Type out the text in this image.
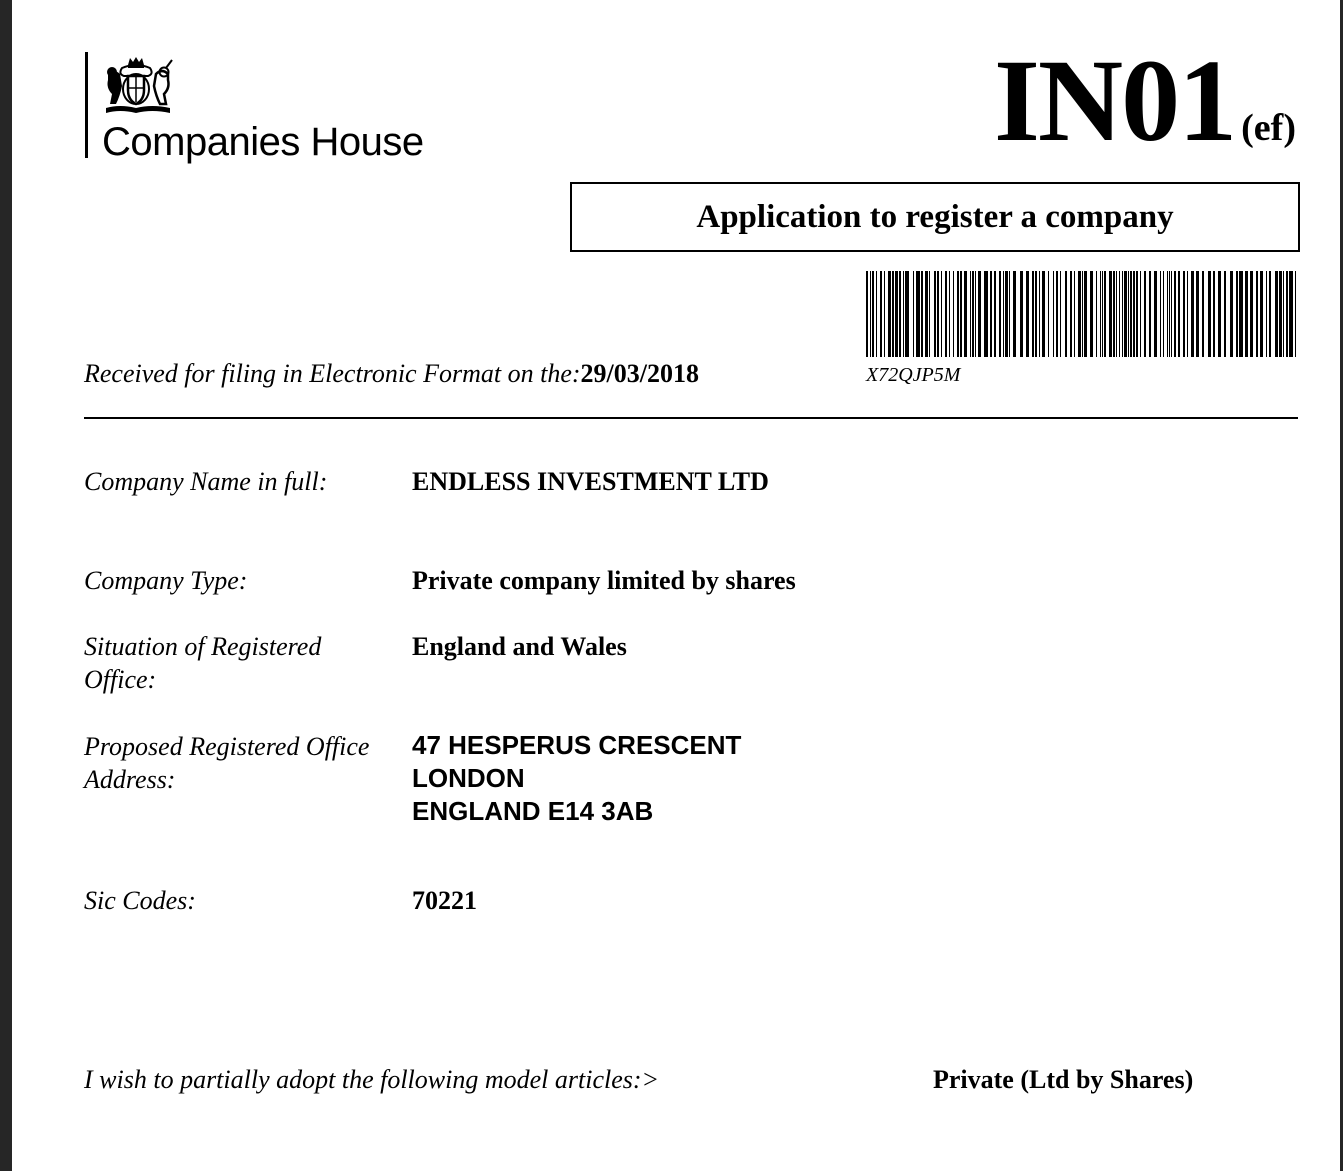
Companies House	IN01 (ef)
Application to register a company
X72QJP5M
Received for filing in Electronic Format on the:29/03/2018
Company Name in full:	ENDLESS INVESTMENT LTD
Company Type:	Private company limited by shares
Situation of Registered Office:
England and Wales
Proposed Registered Office Address:
47 HESPERUS CRESCENT
LONDON
ENGLAND E14 3AB
Sic Codes:	70221
I wish to partially adopt the following model articles:>	Private (Ltd by Shares)
